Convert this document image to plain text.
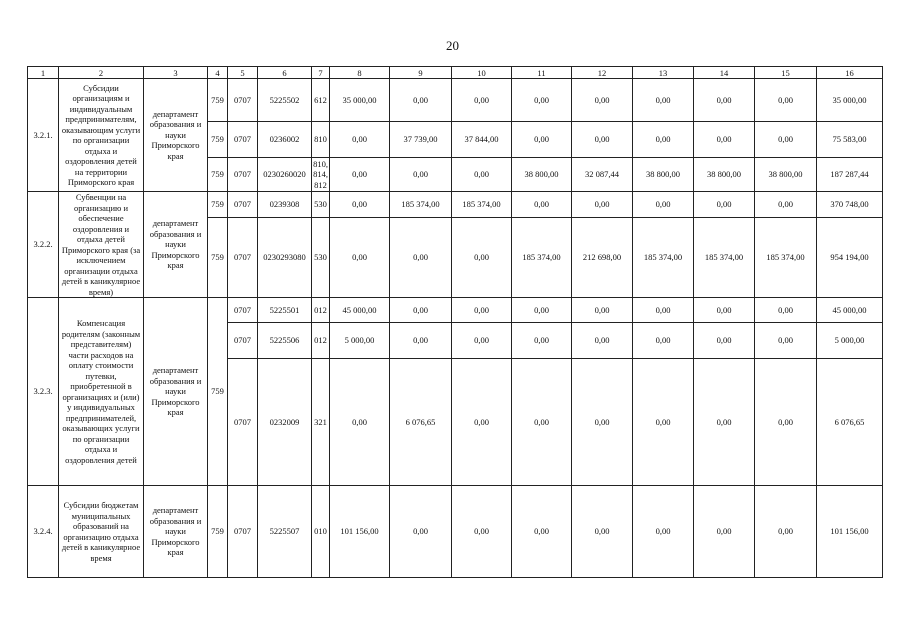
20
1	2	3	4	5	6	7	8	9	10	11	12	13	14	15	16
3.2.1.	Субсидии организациям и индивидуальным предпринимателям, оказывающим услуги по организации отдыха и оздоровления детей на территории Приморского края	департамент образования и науки Приморского края	759	0707	5225502	612	35 000,00	0,00	0,00	0,00	0,00	0,00	0,00	0,00	35 000,00
			759	0707	0236002	810	0,00	37 739,00	37 844,00	0,00	0,00	0,00	0,00	0,00	75 583,00
			759	0707	0230260020	810, 814, 812	0,00	0,00	0,00	38 800,00	32 087,44	38 800,00	38 800,00	38 800,00	187 287,44
3.2.2.	Субвенции на организацию и обеспечение оздоровления и отдыха детей Приморского края (за исключением организации отдыха детей в каникулярное время)	департамент образования и науки Приморского края	759	0707	0239308	530	0,00	185 374,00	185 374,00	0,00	0,00	0,00	0,00	0,00	370 748,00
			759	0707	0230293080	530	0,00	0,00	0,00	185 374,00	212 698,00	185 374,00	185 374,00	185 374,00	954 194,00
3.2.3.	Компенсация родителям (законным представителям) части расходов на оплату стоимости путевки, приобретенной в организациях и (или) у индивидуальных предпринимателей, оказывающих услуги по организации отдыха и оздоровления детей	департамент образования и науки Приморского края	759	0707	5225501	012	45 000,00	0,00	0,00	0,00	0,00	0,00	0,00	0,00	45 000,00
				0707	5225506	012	5 000,00	0,00	0,00	0,00	0,00	0,00	0,00	0,00	5 000,00
				0707	0232009	321	0,00	6 076,65	0,00	0,00	0,00	0,00	0,00	0,00	6 076,65
3.2.4.	Субсидии бюджетам муниципальных образований на организацию отдыха детей в каникулярное время	департамент образования и науки Приморского края	759	0707	5225507	010	101 156,00	0,00	0,00	0,00	0,00	0,00	0,00	0,00	101 156,00
